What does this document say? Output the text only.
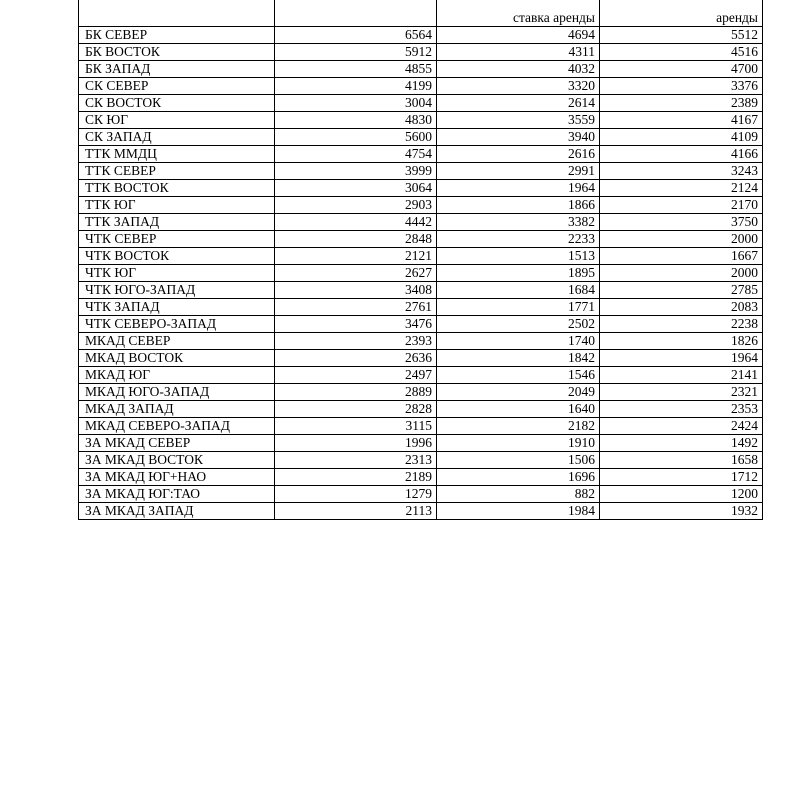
		ставка аренды	аренды

БК СЕВЕР	6564	4694	5512
БК ВОСТОК	5912	4311	4516
БК ЗАПАД	4855	4032	4700
СК СЕВЕР	4199	3320	3376
СК ВОСТОК	3004	2614	2389
СК ЮГ	4830	3559	4167
СК ЗАПАД	5600	3940	4109
ТТК ММДЦ	4754	2616	4166
ТТК СЕВЕР	3999	2991	3243
ТТК ВОСТОК	3064	1964	2124
ТТК ЮГ	2903	1866	2170
ТТК ЗАПАД	4442	3382	3750
ЧТК СЕВЕР	2848	2233	2000
ЧТК ВОСТОК	2121	1513	1667
ЧТК ЮГ	2627	1895	2000
ЧТК ЮГО-ЗАПАД	3408	1684	2785
ЧТК ЗАПАД	2761	1771	2083
ЧТК СЕВЕРО-ЗАПАД	3476	2502	2238
МКАД СЕВЕР	2393	1740	1826
МКАД ВОСТОК	2636	1842	1964
МКАД ЮГ	2497	1546	2141
МКАД ЮГО-ЗАПАД	2889	2049	2321
МКАД ЗАПАД	2828	1640	2353
МКАД СЕВЕРО-ЗАПАД	3115	2182	2424
ЗА МКАД СЕВЕР	1996	1910	1492
ЗА МКАД ВОСТОК	2313	1506	1658
ЗА МКАД ЮГ+НАО	2189	1696	1712
ЗА МКАД ЮГ:ТАО	1279	882	1200
ЗА МКАД ЗАПАД	2113	1984	1932
